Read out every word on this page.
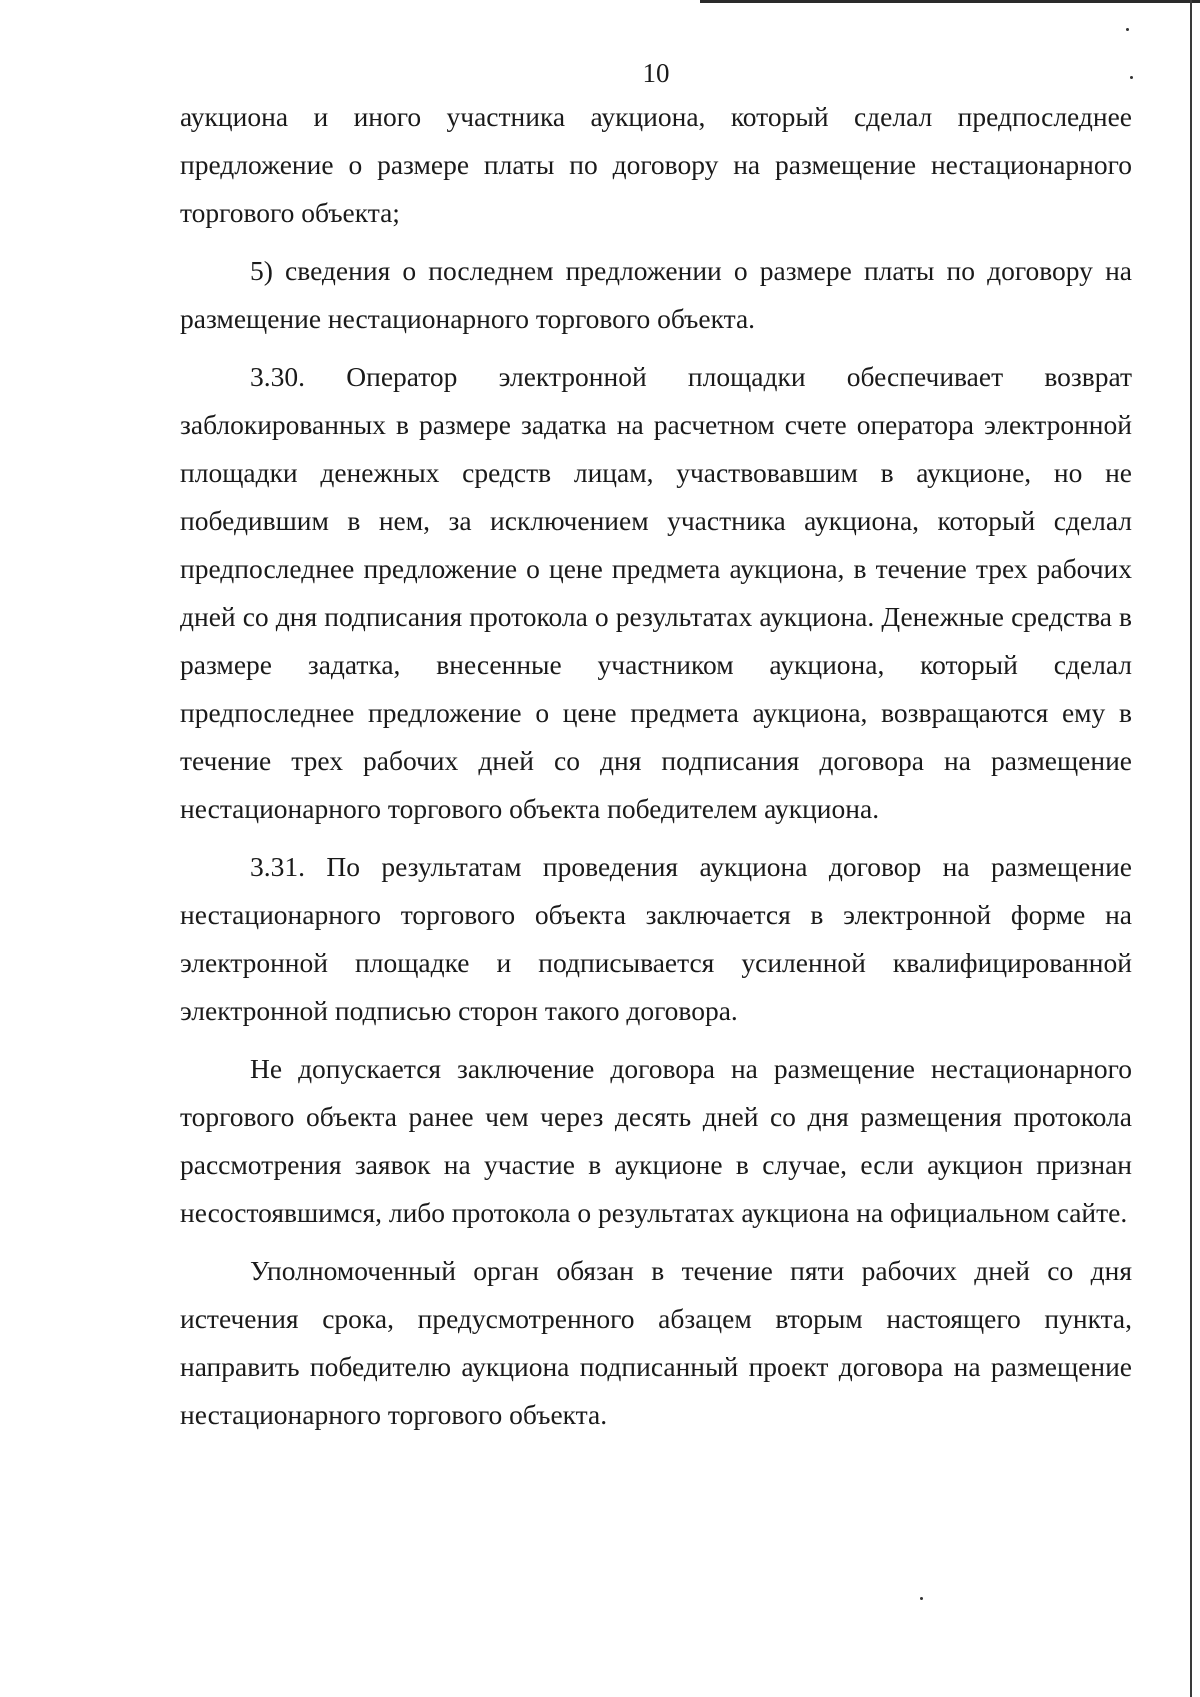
10

аукциона и иного участника аукциона, который сделал предпоследнее предложение о размере платы по договору на размещение нестационарного торгового объекта;

5) сведения о последнем предложении о размере платы по договору на размещение нестационарного торгового объекта.

3.30. Оператор электронной площадки обеспечивает возврат заблокированных в размере задатка на расчетном счете оператора электронной площадки денежных средств лицам, участвовавшим в аукционе, но не победившим в нем, за исключением участника аукциона, который сделал предпоследнее предложение о цене предмета аукциона, в течение трех рабочих дней со дня подписания протокола о результатах аукциона. Денежные средства в размере задатка, внесенные участником аукциона, который сделал предпоследнее предложение о цене предмета аукциона, возвращаются ему в течение трех рабочих дней со дня подписания договора на размещение нестационарного торгового объекта победителем аукциона.

3.31. По результатам проведения аукциона договор на размещение нестационарного торгового объекта заключается в электронной форме на электронной площадке и подписывается усиленной квалифицированной электронной подписью сторон такого договора.

Не допускается заключение договора на размещение нестационарного торгового объекта ранее чем через десять дней со дня размещения протокола рассмотрения заявок на участие в аукционе в случае, если аукцион признан несостоявшимся, либо протокола о результатах аукциона на официальном сайте.

Уполномоченный орган обязан в течение пяти рабочих дней со дня истечения срока, предусмотренного абзацем вторым настоящего пункта, направить победителю аукциона подписанный проект договора на размещение нестационарного торгового объекта.
